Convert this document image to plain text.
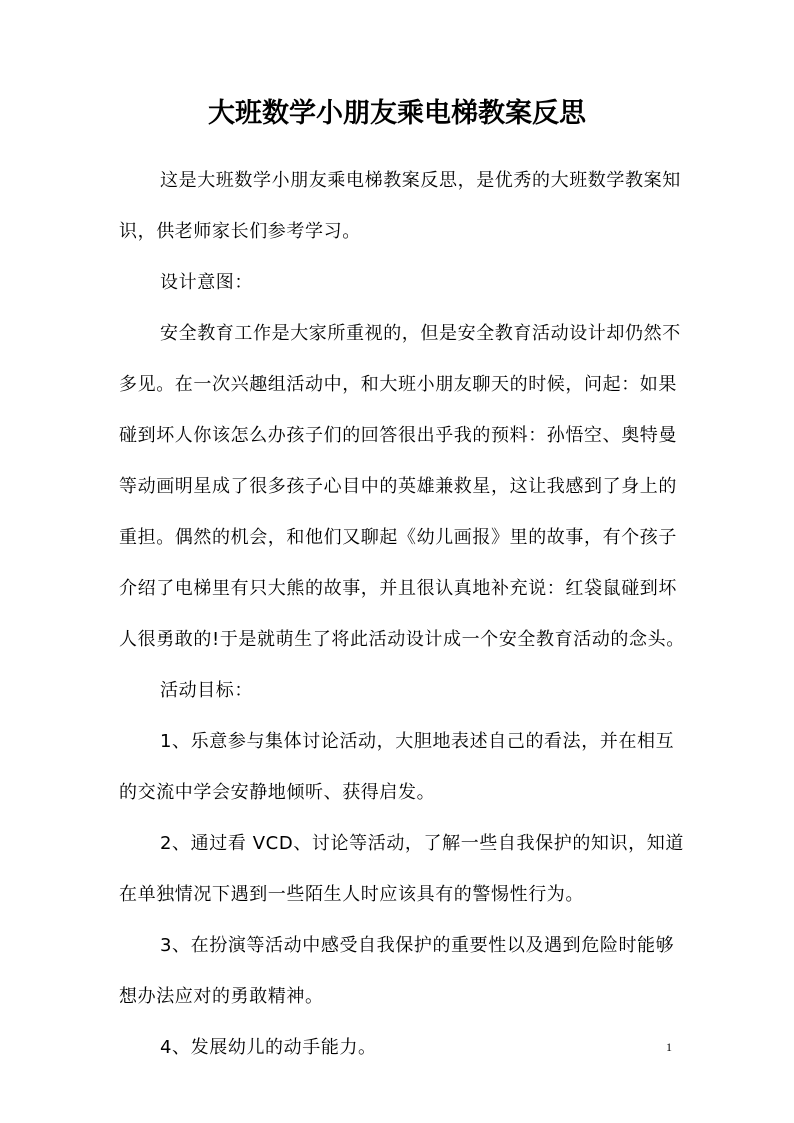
大班数学小朋友乘电梯教案反思

这是大班数学小朋友乘电梯教案反思，是优秀的大班数学教案知
识，供老师家长们参考学习。

设计意图：

安全教育工作是大家所重视的，但是安全教育活动设计却仍然不
多见。在一次兴趣组活动中，和大班小朋友聊天的时候，问起：如果
碰到坏人你该怎么办孩子们的回答很出乎我的预料：孙悟空、奥特曼
等动画明星成了很多孩子心目中的英雄兼救星，这让我感到了身上的
重担。偶然的机会，和他们又聊起《幼儿画报》里的故事，有个孩子
介绍了电梯里有只大熊的故事，并且很认真地补充说：红袋鼠碰到坏
人很勇敢的!于是就萌生了将此活动设计成一个安全教育活动的念头。

活动目标：

1、乐意参与集体讨论活动，大胆地表述自己的看法，并在相互
的交流中学会安静地倾听、获得启发。

2、通过看 VCD、讨论等活动，了解一些自我保护的知识，知道
在单独情况下遇到一些陌生人时应该具有的警惕性行为。

3、在扮演等活动中感受自我保护的重要性以及遇到危险时能够
想办法应对的勇敢精神。

4、发展幼儿的动手能力。	1
